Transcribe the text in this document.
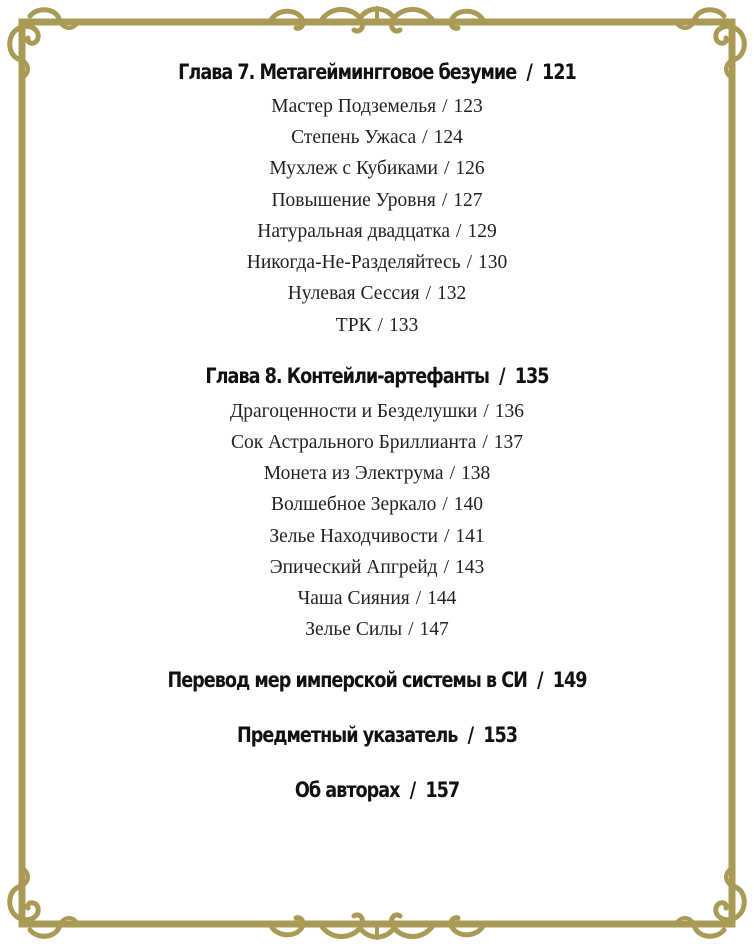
Глава 7. Метагеймингговое безумие / 121
Мастер Подземелья / 123
Степень Ужаса / 124
Мухлеж с Кубиками / 126
Повышение Уровня / 127
Натуральная двадцатка / 129
Никогда-Не-Разделяйтесь / 130
Нулевая Сессия / 132
ТРК / 133
Глава 8. Контейли-артефанты / 135
Драгоценности и Безделушки / 136
Сок Астрального Бриллианта / 137
Монета из Электрума / 138
Волшебное Зеркало / 140
Зелье Находчивости / 141
Эпический Апгрейд / 143
Чаша Сияния / 144
Зелье Силы / 147
Перевод мер имперской системы в СИ / 149
Предметный указатель / 153
Об авторах / 157
